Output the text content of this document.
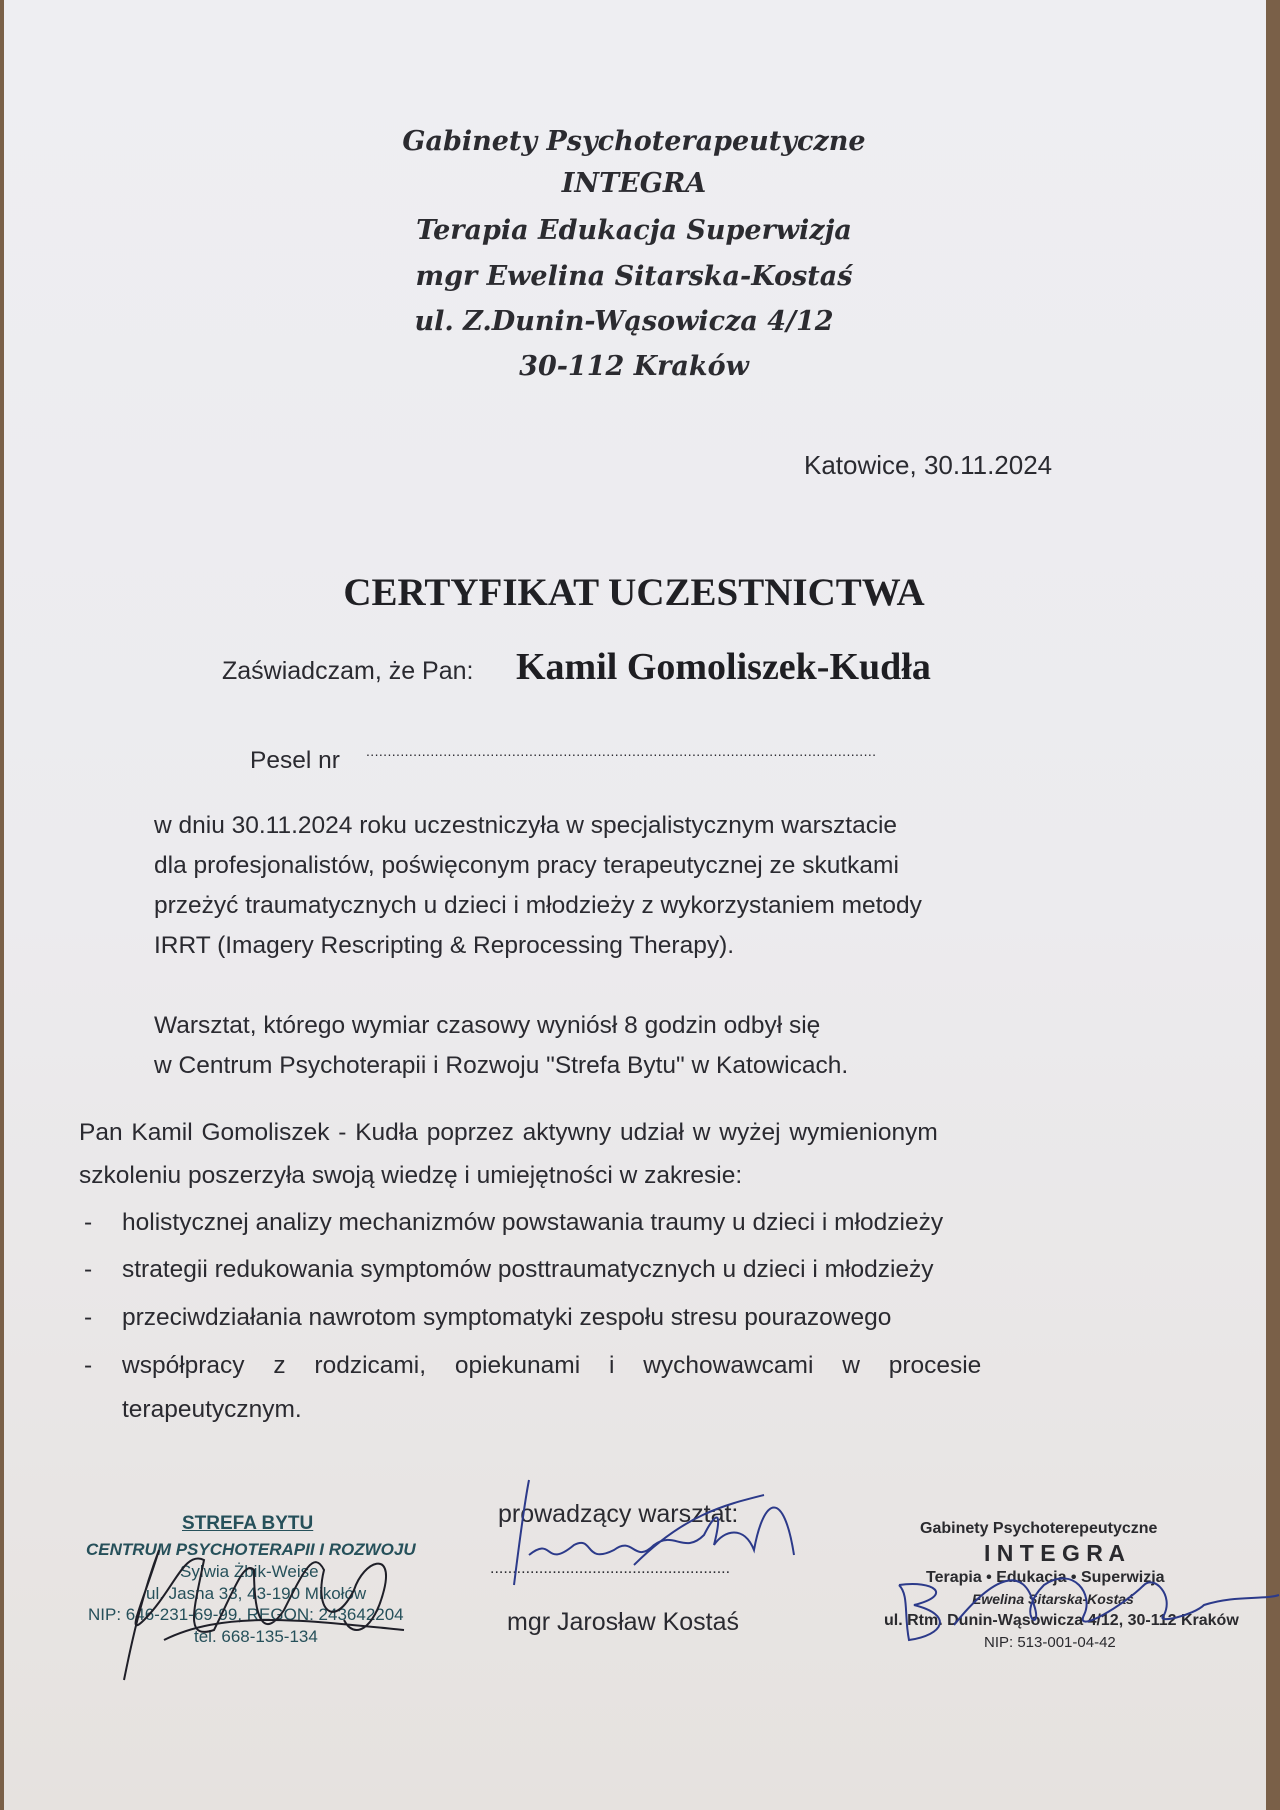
Gabinety Psychoterapeutyczne
INTEGRA
Terapia Edukacja Superwizja
mgr Ewelina Sitarska-Kostaś
ul. Z.Dunin-Wąsowicza 4/12
30-112 Kraków
Katowice, 30.11.2024
CERTYFIKAT UCZESTNICTWA
Zaświadczam, że Pan: Kamil Gomoliszek-Kudła
Pesel nr .......................................................................................................................
w dniu 30.11.2024 roku uczestniczyła w specjalistycznym warsztacie
dla profesjonalistów, poświęconym pracy terapeutycznej ze skutkami
przeżyć traumatycznych u dzieci i młodzieży z wykorzystaniem metody
IRRT (Imagery Rescripting & Reprocessing Therapy).
Warsztat, którego wymiar czasowy wyniósł 8 godzin odbył się
w Centrum Psychoterapii i Rozwoju "Strefa Bytu" w Katowicach.
Pan Kamil Gomoliszek - Kudła poprzez aktywny udział w wyżej wymienionym
szkoleniu poszerzyła swoją wiedzę i umiejętności w zakresie:
- holistycznej analizy mechanizmów powstawania traumy u dzieci i młodzieży
- strategii redukowania symptomów posttraumatycznych u dzieci i młodzieży
- przeciwdziałania nawrotom symptomatyki zespołu stresu pourazowego
- współpracy z rodzicami, opiekunami i wychowawcami w procesie
terapeutycznym.
STREFA BYTU
CENTRUM PSYCHOTERAPII I ROZWOJU
Sylwia Żbik-Weise
ul. Jasna 33, 43-190 Mikołów
NIP: 646-231-69-99, REGON: 243642204
tel. 668-135-134
prowadzący warsztat:
......................................................
mgr Jarosław Kostaś
Gabinety Psychoterepeutyczne
I N T E G R A
Terapia • Edukacja • Superwizja
Ewelina Sitarska-Kostaś
ul. Rtm. Dunin-Wąsowicza 4/12, 30-112 Kraków
NIP: 513-001-04-42
